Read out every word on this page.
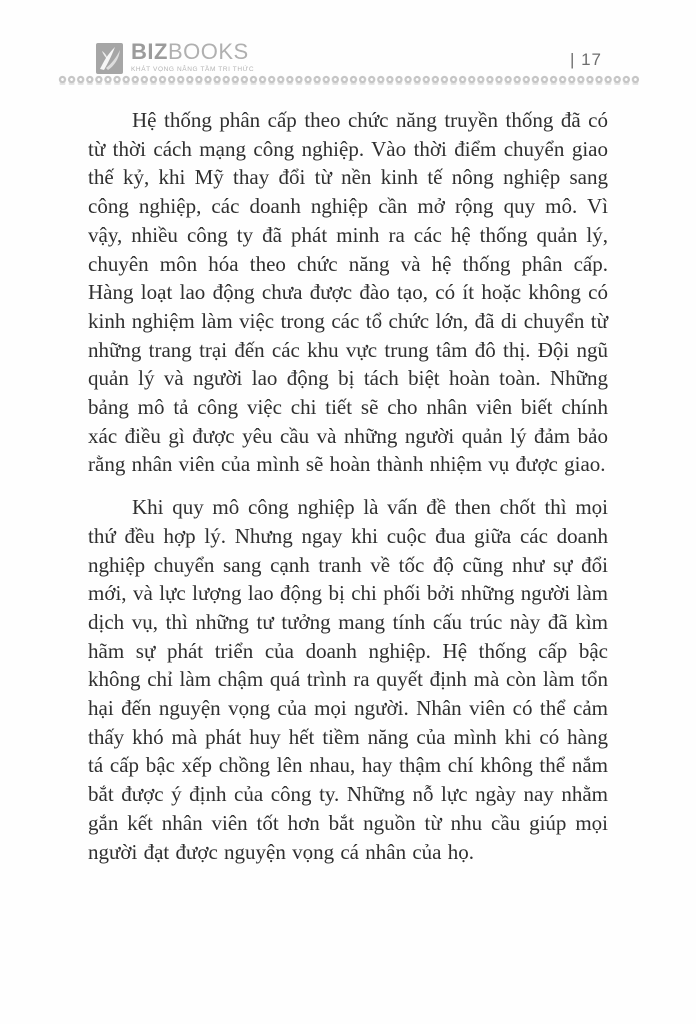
BIZBOOKS
KHÁT VỌNG NÂNG TẦM TRI THỨC
| 17

Hệ thống phân cấp theo chức năng truyền thống đã có từ thời cách mạng công nghiệp. Vào thời điểm chuyển giao thế kỷ, khi Mỹ thay đổi từ nền kinh tế nông nghiệp sang công nghiệp, các doanh nghiệp cần mở rộng quy mô. Vì vậy, nhiều công ty đã phát minh ra các hệ thống quản lý, chuyên môn hóa theo chức năng và hệ thống phân cấp. Hàng loạt lao động chưa được đào tạo, có ít hoặc không có kinh nghiệm làm việc trong các tổ chức lớn, đã di chuyển từ những trang trại đến các khu vực trung tâm đô thị. Đội ngũ quản lý và người lao động bị tách biệt hoàn toàn. Những bảng mô tả công việc chi tiết sẽ cho nhân viên biết chính xác điều gì được yêu cầu và những người quản lý đảm bảo rằng nhân viên của mình sẽ hoàn thành nhiệm vụ được giao.

Khi quy mô công nghiệp là vấn đề then chốt thì mọi thứ đều hợp lý. Nhưng ngay khi cuộc đua giữa các doanh nghiệp chuyển sang cạnh tranh về tốc độ cũng như sự đổi mới, và lực lượng lao động bị chi phối bởi những người làm dịch vụ, thì những tư tưởng mang tính cấu trúc này đã kìm hãm sự phát triển của doanh nghiệp. Hệ thống cấp bậc không chỉ làm chậm quá trình ra quyết định mà còn làm tổn hại đến nguyện vọng của mọi người. Nhân viên có thể cảm thấy khó mà phát huy hết tiềm năng của mình khi có hàng tá cấp bậc xếp chồng lên nhau, hay thậm chí không thể nắm bắt được ý định của công ty. Những nỗ lực ngày nay nhằm gắn kết nhân viên tốt hơn bắt nguồn từ nhu cầu giúp mọi người đạt được nguyện vọng cá nhân của họ.
